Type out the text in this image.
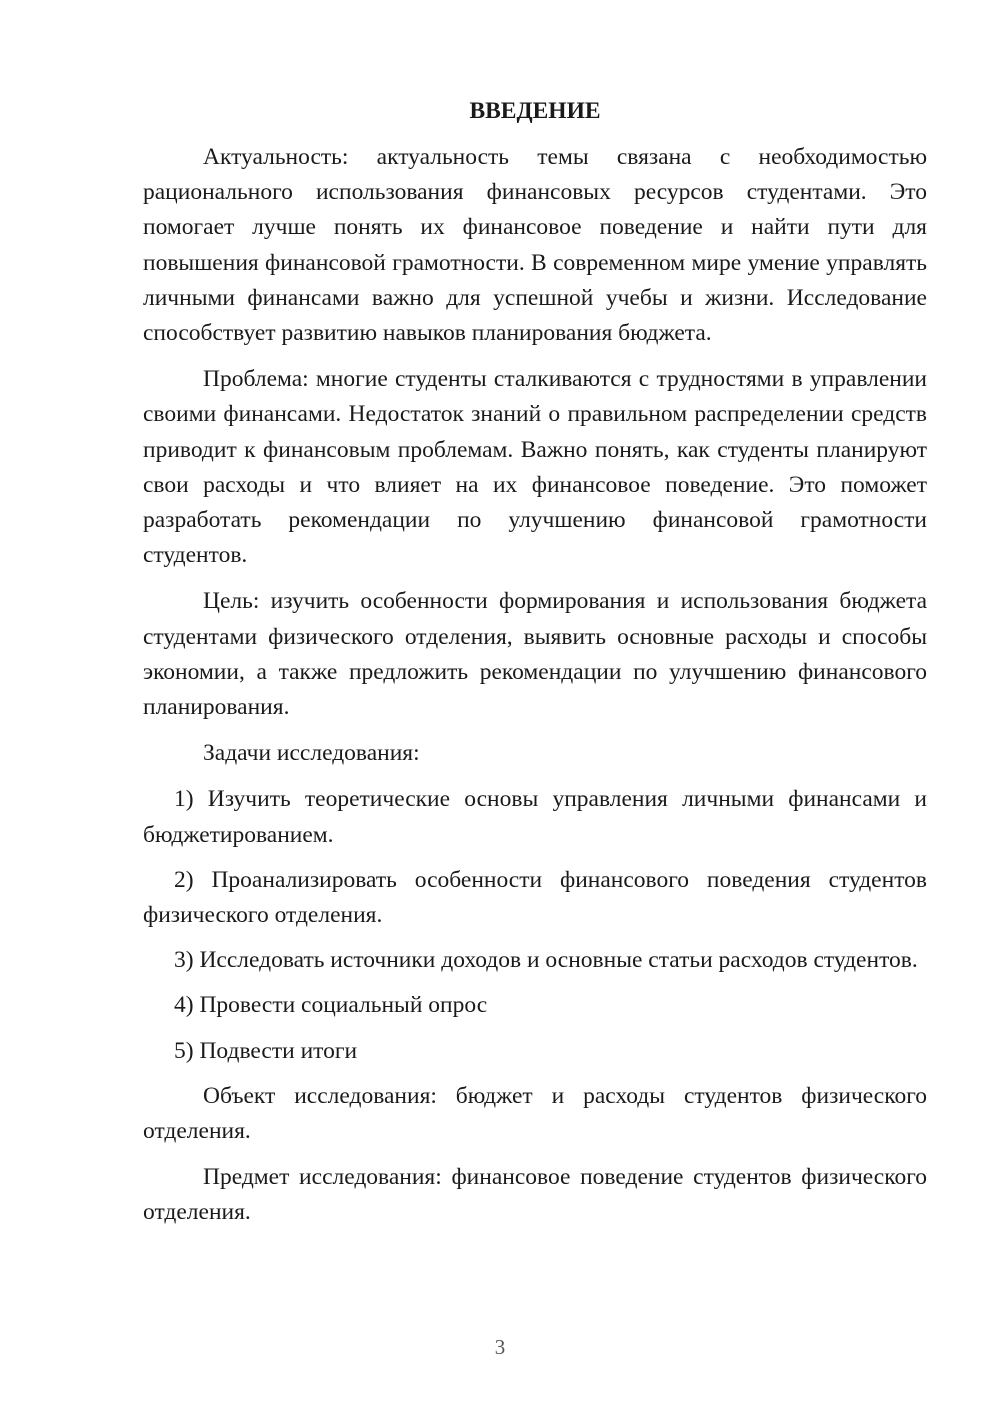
ВВЕДЕНИЕ

Актуальность: актуальность темы связана с необходимостью рационального использования финансовых ресурсов студентами. Это помогает лучше понять их финансовое поведение и найти пути для повышения финансовой грамотности. В современном мире умение управлять личными финансами важно для успешной учебы и жизни. Исследование способствует развитию навыков планирования бюджета.

Проблема: многие студенты сталкиваются с трудностями в управлении своими финансами. Недостаток знаний о правильном распределении средств приводит к финансовым проблемам. Важно понять, как студенты планируют свои расходы и что влияет на их финансовое поведение. Это поможет разработать рекомендации по улучшению финансовой грамотности студентов.

Цель: изучить особенности формирования и использования бюджета студентами физического отделения, выявить основные расходы и способы экономии, а также предложить рекомендации по улучшению финансового планирования.

Задачи исследования:

1) Изучить теоретические основы управления личными финансами и бюджетированием.

2) Проанализировать особенности финансового поведения студентов физического отделения.

3) Исследовать источники доходов и основные статьи расходов студентов.

4) Провести социальный опрос

5) Подвести итоги

Объект исследования: бюджет и расходы студентов физического отделения.

Предмет исследования: финансовое поведение студентов физического отделения.

3
